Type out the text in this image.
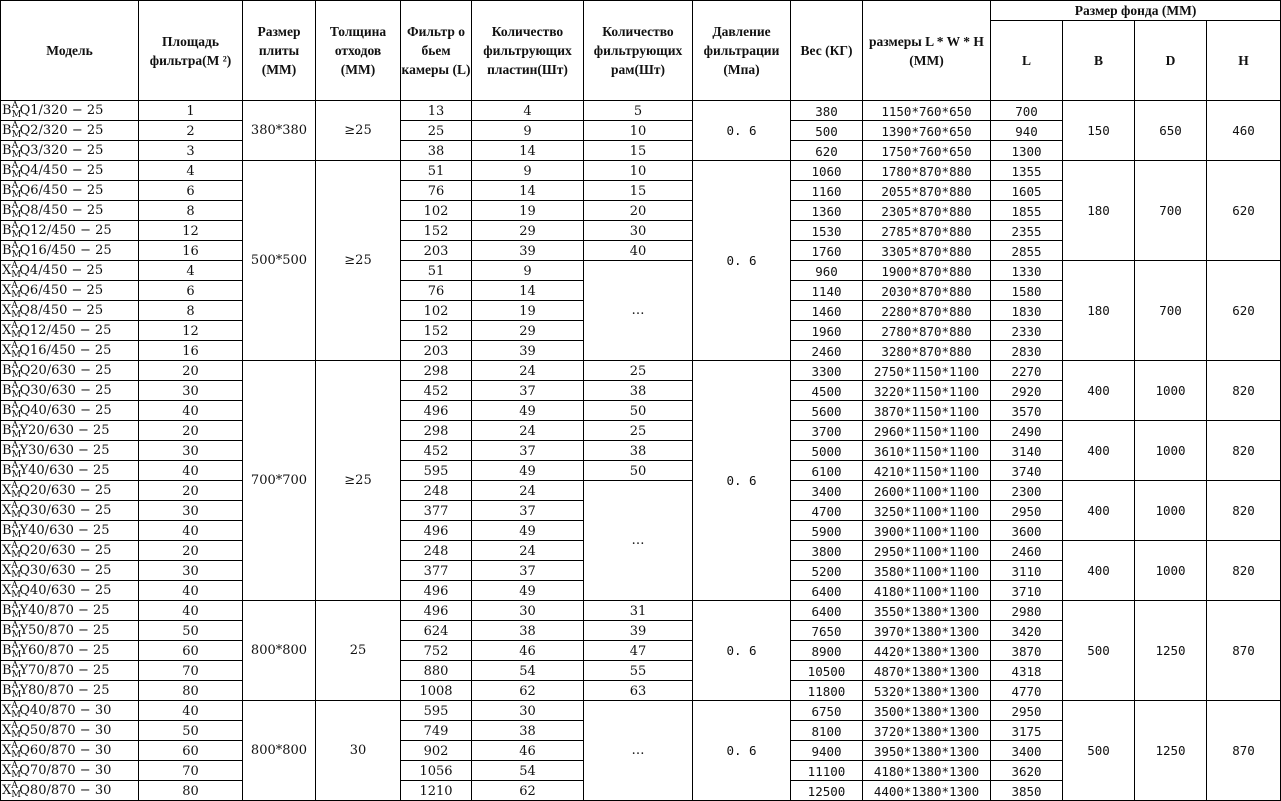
Модель	Площадь фильтра(М ²)	Размер плиты (ММ)	Толщина отходов (ММ)	Фильтр о бьем камеры (L)	Количество фильтрующих пластин(Шт)	Количество фильтрующих рам(Шт)	Давление фильтрации (Мпа)	Вес (КГ)	размеры L * W * H (ММ)	Размер фонда (ММ)			
										L	B	D	H
B A
M
Q1/320 − 25	1	380*380	≥25	13	4	5	0. 6	380	1150*760*650	700	150	650	460
B A
M
Q2/320 − 25	2			25	9	10		500	1390*760*650	940			
B A
M
Q3/320 − 25	3			38	14	15		620	1750*760*650	1300			
B A
M
Q4/450 − 25	4	500*500	≥25	51	9	10	0. 6	1060	1780*870*880	1355	180	700	620
B A
M
Q6/450 − 25	6			76	14	15		1160	2055*870*880	1605			
B A
M
Q8/450 − 25	8			102	19	20		1360	2305*870*880	1855			
B A
M
Q12/450 − 25	12			152	29	30		1530	2785*870*880	2355			
B A
M
Q16/450 − 25	16			203	39	40		1760	3305*870*880	2855			
X A
M
Q4/450 − 25	4			51	9	…		960	1900*870*880	1330	180	700	620
X A
M
Q6/450 − 25	6			76	14			1140	2030*870*880	1580			
X A
M
Q8/450 − 25	8			102	19			1460	2280*870*880	1830			
X A
M
Q12/450 − 25	12			152	29			1960	2780*870*880	2330			
X A
M
Q16/450 − 25	16			203	39			2460	3280*870*880	2830			
B A
M
Q20/630 − 25	20	700*700	≥25	298	24	25	0. 6	3300	2750*1150*1100	2270	400	1000	820
B A
M
Q30/630 − 25	30			452	37	38		4500	3220*1150*1100	2920			
B A
M
Q40/630 − 25	40			496	49	50		5600	3870*1150*1100	3570			
B A
M
Y20/630 − 25	20			298	24	25		3700	2960*1150*1100	2490	400	1000	820
B A
M
Y30/630 − 25	30			452	37	38		5000	3610*1150*1100	3140			
B A
M
Y40/630 − 25	40			595	49	50		6100	4210*1150*1100	3740			
X A
M
Q20/630 − 25	20			248	24	…		3400	2600*1100*1100	2300	400	1000	820
X A
M
Q30/630 − 25	30			377	37			4700	3250*1100*1100	2950			
B A
M
Y40/630 − 25	40			496	49			5900	3900*1100*1100	3600			
X A
M
Q20/630 − 25	20			248	24			3800	2950*1100*1100	2460	400	1000	820
X A
M
Q30/630 − 25	30			377	37			5200	3580*1100*1100	3110			
X A
M
Q40/630 − 25	40			496	49			6400	4180*1100*1100	3710			
B A
M
Y40/870 − 25	40	800*800	25	496	30	31	0. 6	6400	3550*1380*1300	2980	500	1250	870
B A
M
Y50/870 − 25	50			624	38	39		7650	3970*1380*1300	3420			
B A
M
Y60/870 − 25	60			752	46	47		8900	4420*1380*1300	3870			
B A
M
Y70/870 − 25	70			880	54	55		10500	4870*1380*1300	4318			
B A
M
Y80/870 − 25	80			1008	62	63		11800	5320*1380*1300	4770			
X A
M
Q40/870 − 30	40	800*800	30	595	30	…	0. 6	6750	3500*1380*1300	2950	500	1250	870
X A
M
Q50/870 − 30	50			749	38			8100	3720*1380*1300	3175			
X A
M
Q60/870 − 30	60			902	46			9400	3950*1380*1300	3400			
X A
M
Q70/870 − 30	70			1056	54			11100	4180*1380*1300	3620			
X A
M
Q80/870 − 30	80			1210	62			12500	4400*1380*1300	3850			
